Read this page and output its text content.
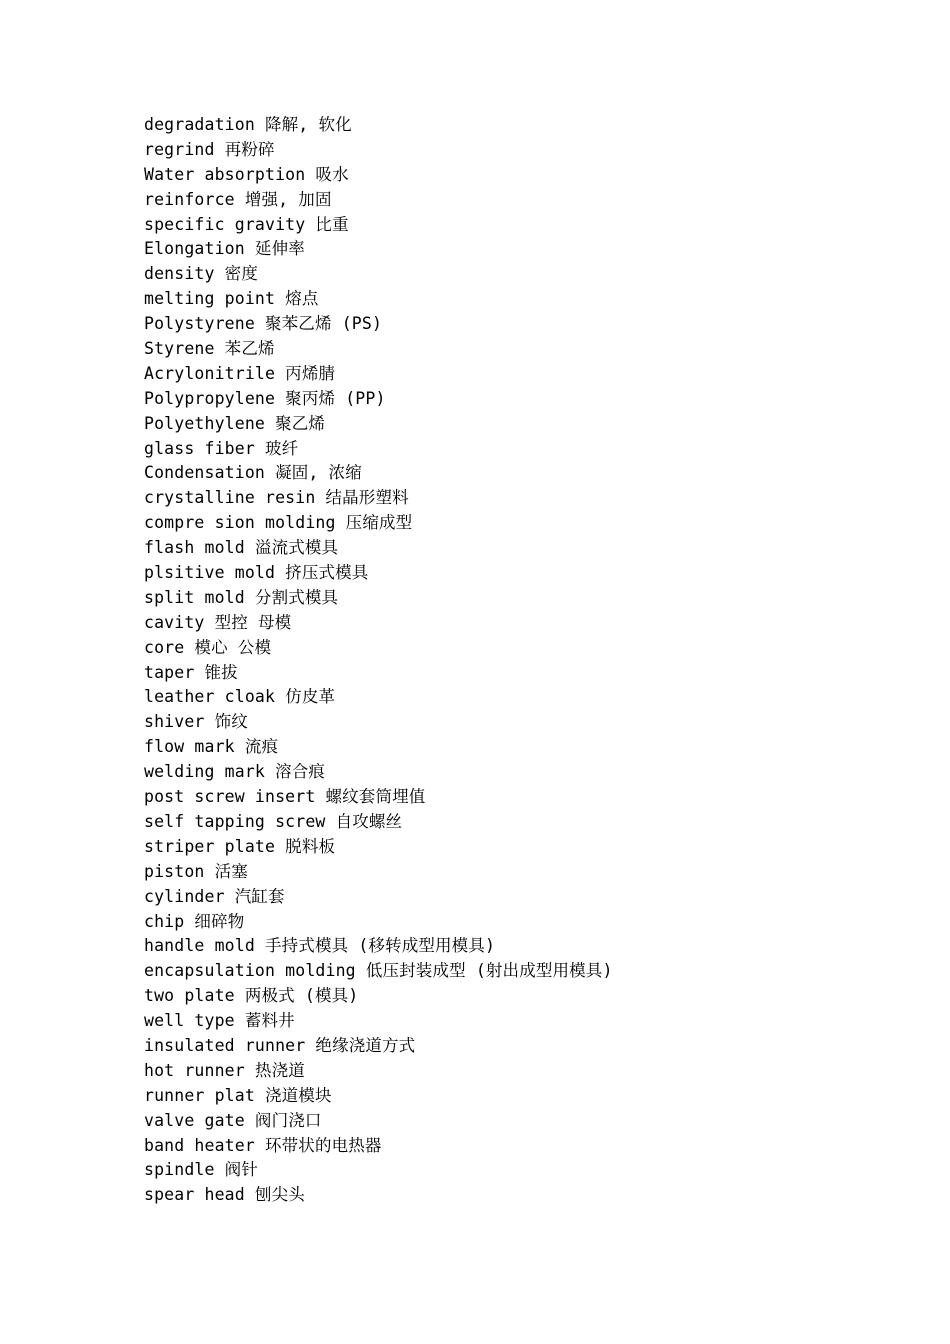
degradation 降解, 软化
regrind 再粉碎
Water absorption 吸水
reinforce 增强, 加固
specific gravity 比重
Elongation 延伸率
density 密度
melting point 熔点
Polystyrene 聚苯乙烯 (PS)
Styrene 苯乙烯
Acrylonitrile 丙烯腈
Polypropylene 聚丙烯 (PP)
Polyethylene 聚乙烯
glass fiber 玻纤
Condensation 凝固, 浓缩
crystalline resin 结晶形塑料
compre sion molding 压缩成型
flash mold 溢流式模具
plsitive mold 挤压式模具
split mold 分割式模具
cavity 型控 母模
core 模心 公模
taper 锥拔
leather cloak 仿皮革
shiver 饰纹
flow mark 流痕
welding mark 溶合痕
post screw insert 螺纹套筒埋值
self tapping screw 自攻螺丝
striper plate 脱料板
piston 活塞
cylinder 汽缸套
chip 细碎物
handle mold 手持式模具 (移转成型用模具)
encapsulation molding 低压封装成型 (射出成型用模具)
two plate 两极式 (模具)
well type 蓄料井
insulated runner 绝缘浇道方式
hot runner 热浇道
runner plat 浇道模块
valve gate 阀门浇口
band heater 环带状的电热器
spindle 阀针
spear head 刨尖头
